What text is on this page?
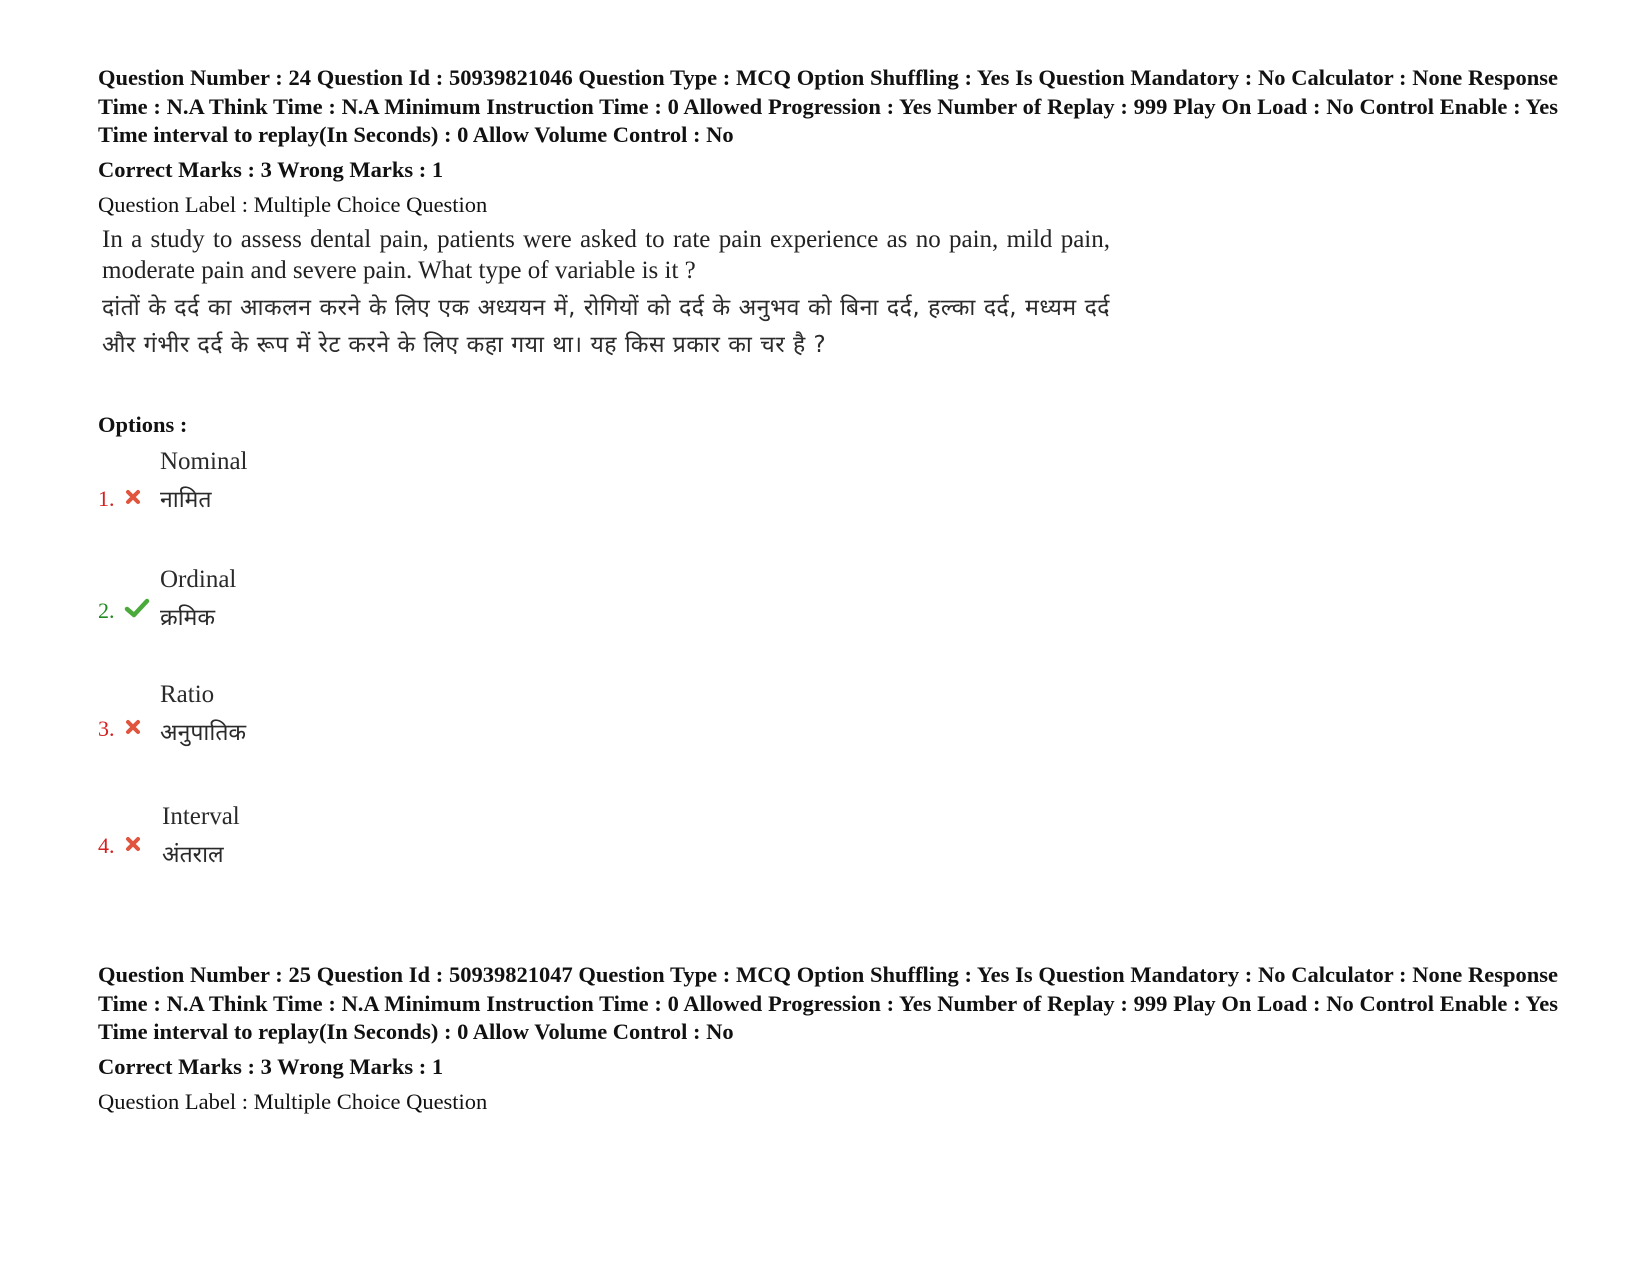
Question Number : 24 Question Id : 50939821046 Question Type : MCQ Option Shuffling : Yes Is Question Mandatory : No Calculator : None Response Time : N.A Think Time : N.A Minimum Instruction Time : 0 Allowed Progression : Yes Number of Replay : 999 Play On Load : No Control Enable : Yes Time interval to replay(In Seconds) : 0 Allow Volume Control : No

Correct Marks : 3 Wrong Marks : 1

Question Label : Multiple Choice Question

In a study to assess dental pain, patients were asked to rate pain experience as no pain, mild pain, moderate pain and severe pain. What type of variable is it ?

दांतों के दर्द का आकलन करने के लिए एक अध्ययन में, रोगियों को दर्द के अनुभव को बिना दर्द, हल्का दर्द, मध्यम दर्द और गंभीर दर्द के रूप में रेट करने के लिए कहा गया था। यह किस प्रकार का चर है ?

Options :

1.
Nominal
नामित
2.
Ordinal
क्रमिक
3.
Ratio
अनुपातिक
4.
Interval
अंतराल

Question Number : 25 Question Id : 50939821047 Question Type : MCQ Option Shuffling : Yes Is Question Mandatory : No Calculator : None Response Time : N.A Think Time : N.A Minimum Instruction Time : 0 Allowed Progression : Yes Number of Replay : 999 Play On Load : No Control Enable : Yes Time interval to replay(In Seconds) : 0 Allow Volume Control : No

Correct Marks : 3 Wrong Marks : 1

Question Label : Multiple Choice Question
